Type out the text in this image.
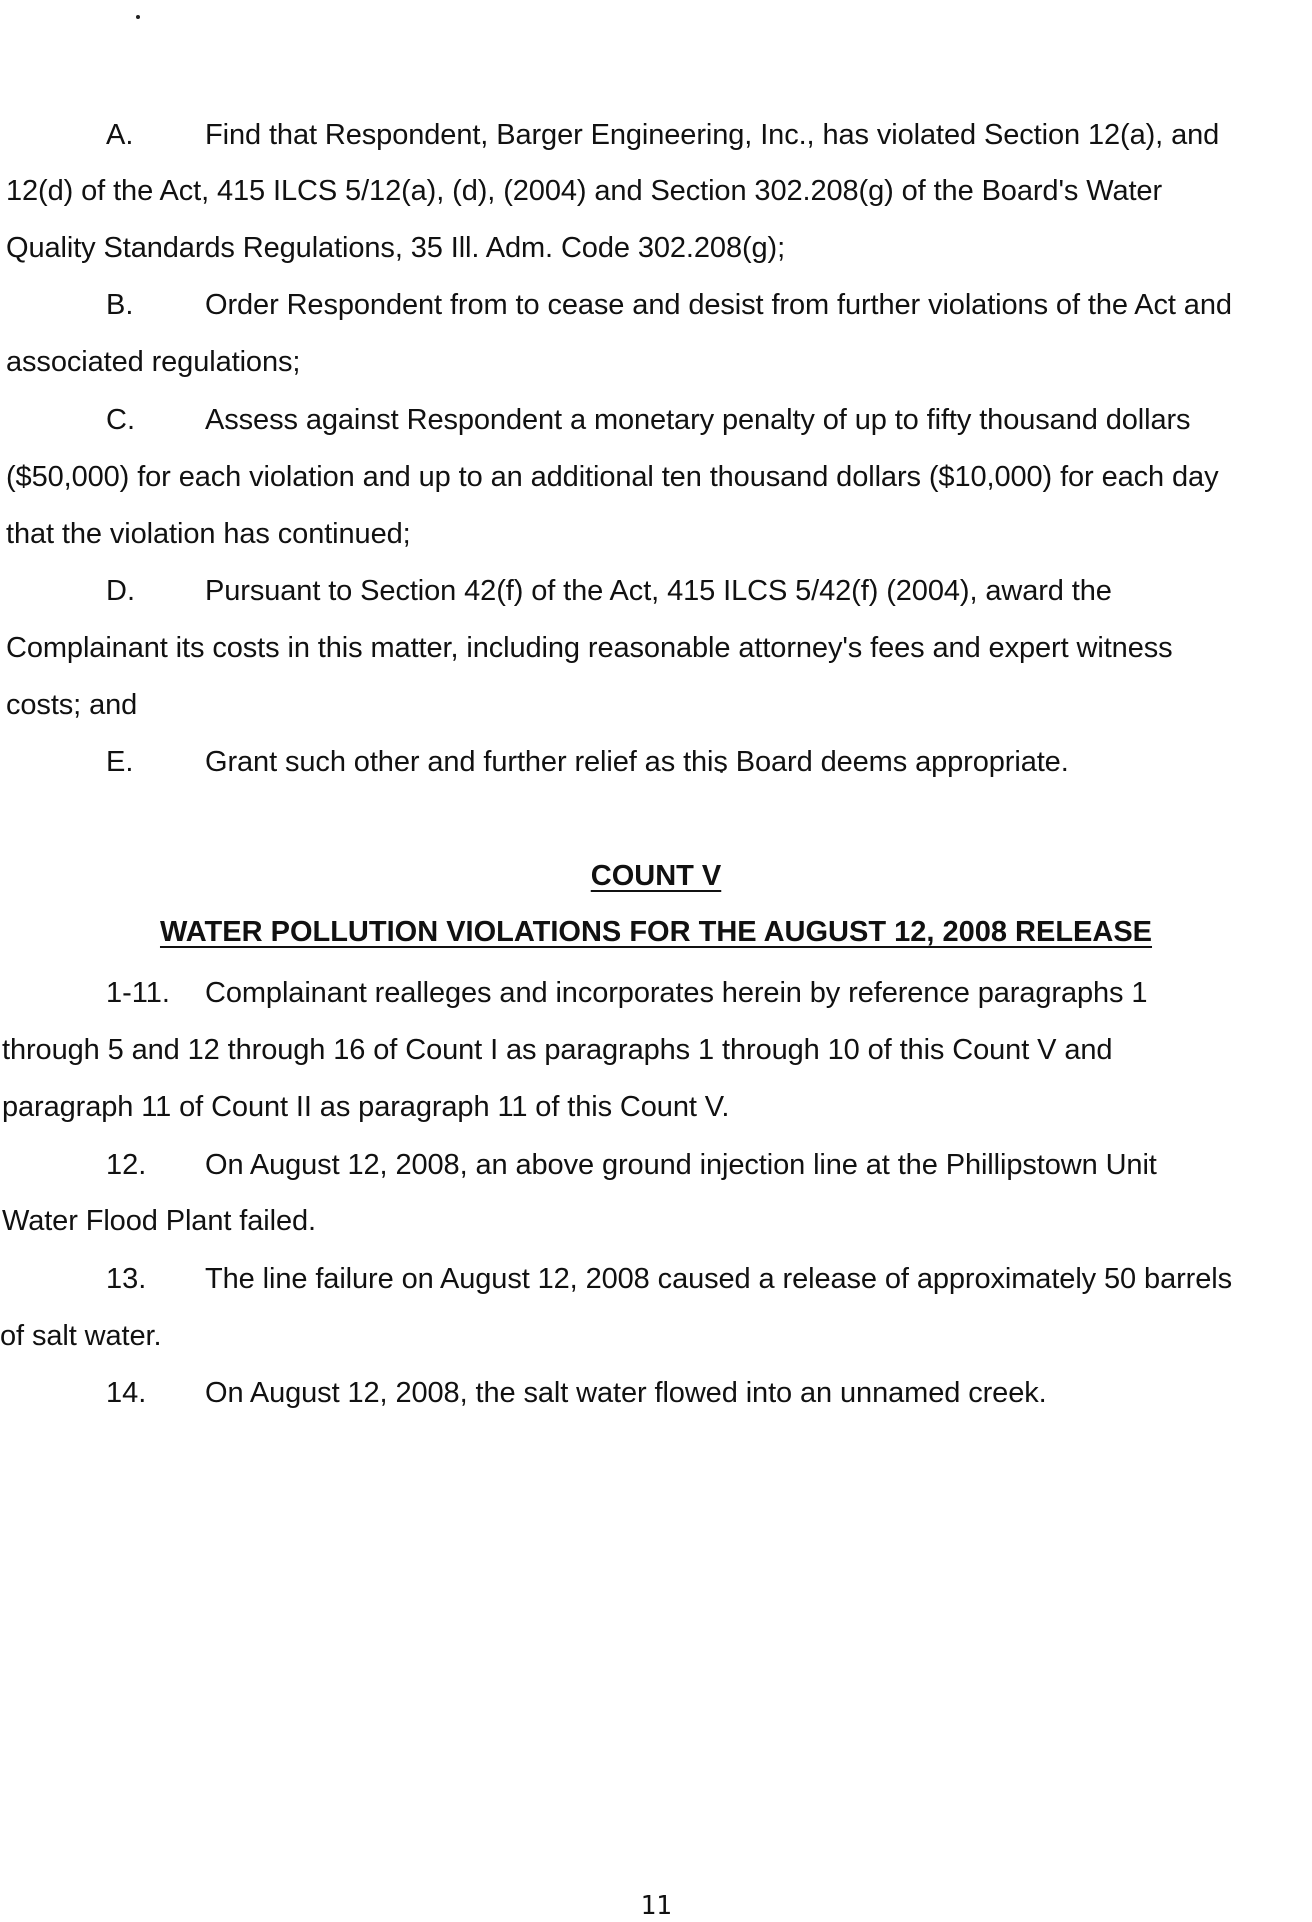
A. Find that Respondent, Barger Engineering, Inc., has violated Section 12(a), and
12(d) of the Act, 415 ILCS 5/12(a), (d), (2004) and Section 302.208(g) of the Board's Water
Quality Standards Regulations, 35 Ill. Adm. Code 302.208(g);
B. Order Respondent from to cease and desist from further violations of the Act and
associated regulations;
C. Assess against Respondent a monetary penalty of up to fifty thousand dollars
($50,000) for each violation and up to an additional ten thousand dollars ($10,000) for each day
that the violation has continued;
D. Pursuant to Section 42(f) of the Act, 415 ILCS 5/42(f) (2004), award the
Complainant its costs in this matter, including reasonable attorney's fees and expert witness
costs; and
E. Grant such other and further relief as this Board deems appropriate.
COUNT V
WATER POLLUTION VIOLATIONS FOR THE AUGUST 12, 2008 RELEASE
1-11. Complainant realleges and incorporates herein by reference paragraphs 1
through 5 and 12 through 16 of Count I as paragraphs 1 through 10 of this Count V and
paragraph 11 of Count II as paragraph 11 of this Count V.
12. On August 12, 2008, an above ground injection line at the Phillipstown Unit
Water Flood Plant failed.
13. The line failure on August 12, 2008 caused a release of approximately 50 barrels
of salt water.
14. On August 12, 2008, the salt water flowed into an unnamed creek.
11
